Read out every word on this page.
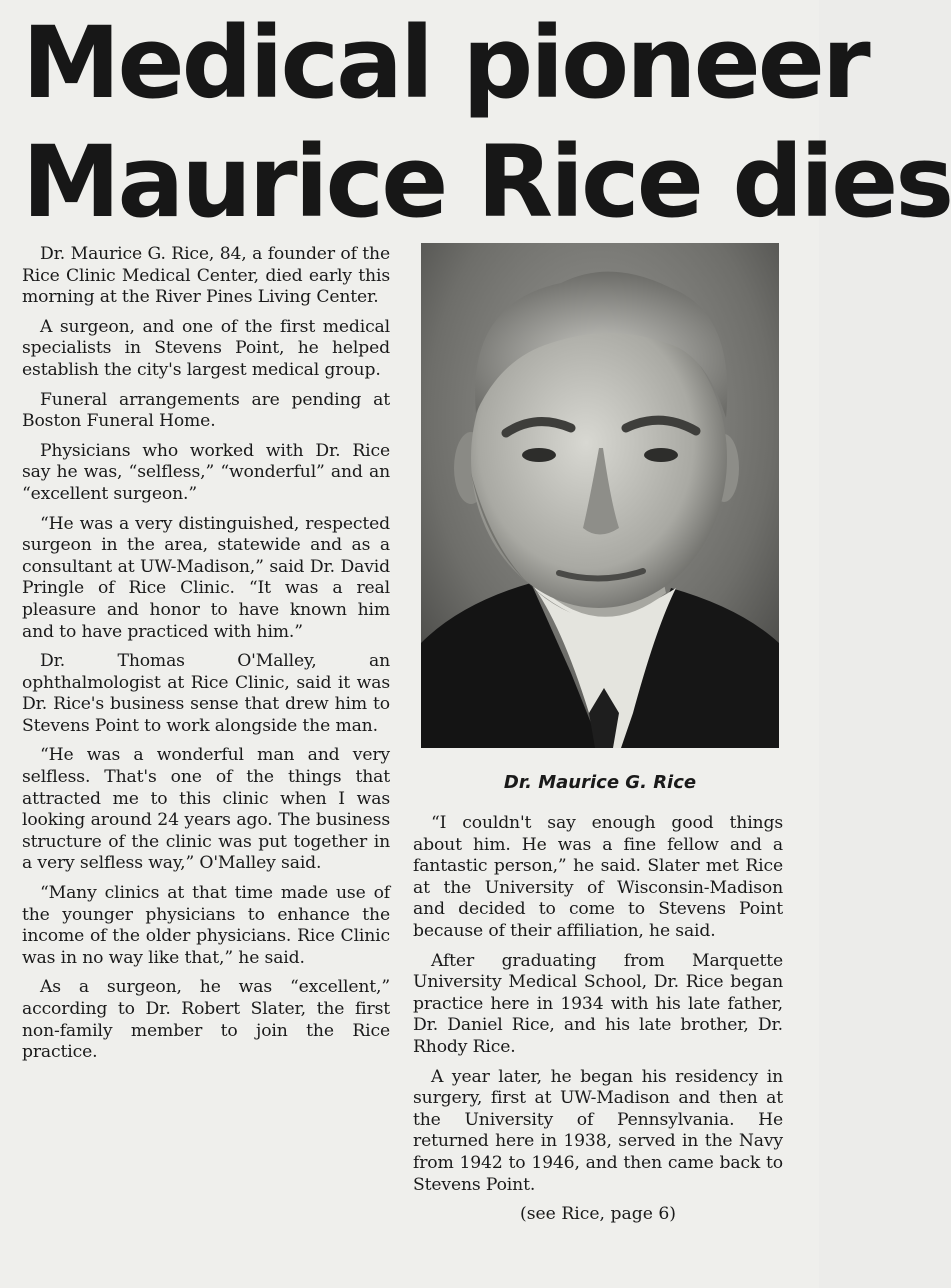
Medical pioneer
Maurice Rice dies

Dr. Maurice G. Rice, 84, a founder of the Rice Clinic Medical Center, died early this morning at the River Pines Living Center.

A surgeon, and one of the first medical specialists in Stevens Point, he helped establish the city's largest medical group.

Funeral arrangements are pending at Boston Funeral Home.

Physicians who worked with Dr. Rice say he was, “selfless,” “wonderful” and an “excellent surgeon.”

“He was a very distinguished, respected surgeon in the area, statewide and as a consultant at UW-Madison,” said Dr. David Pringle of Rice Clinic. “It was a real pleasure and honor to have known him and to have practiced with him.”

Dr. Thomas O'Malley, an ophthalmologist at Rice Clinic, said it was Dr. Rice's business sense that drew him to Stevens Point to work alongside the man.

“He was a wonderful man and very selfless. That's one of the things that attracted me to this clinic when I was looking around 24 years ago. The business structure of the clinic was put together in a very selfless way,” O'Malley said.

“Many clinics at that time made use of the younger physicians to enhance the income of the older physicians. Rice Clinic was in no way like that,” he said.

As a surgeon, he was “excellent,” according to Dr. Robert Slater, the first non-family member to join the Rice practice.

Dr. Maurice G. Rice

“I couldn't say enough good things about him. He was a fine fellow and a fantastic person,” he said. Slater met Rice at the University of Wisconsin-Madison and decided to come to Stevens Point because of their affiliation, he said.

After graduating from Marquette University Medical School, Dr. Rice began practice here in 1934 with his late father, Dr. Daniel Rice, and his late brother, Dr. Rhody Rice.

A year later, he began his residency in surgery, first at UW-Madison and then at the University of Pennsylvania. He returned here in 1938, served in the Navy from 1942 to 1946, and then came back to Stevens Point.

(see Rice, page 6)
